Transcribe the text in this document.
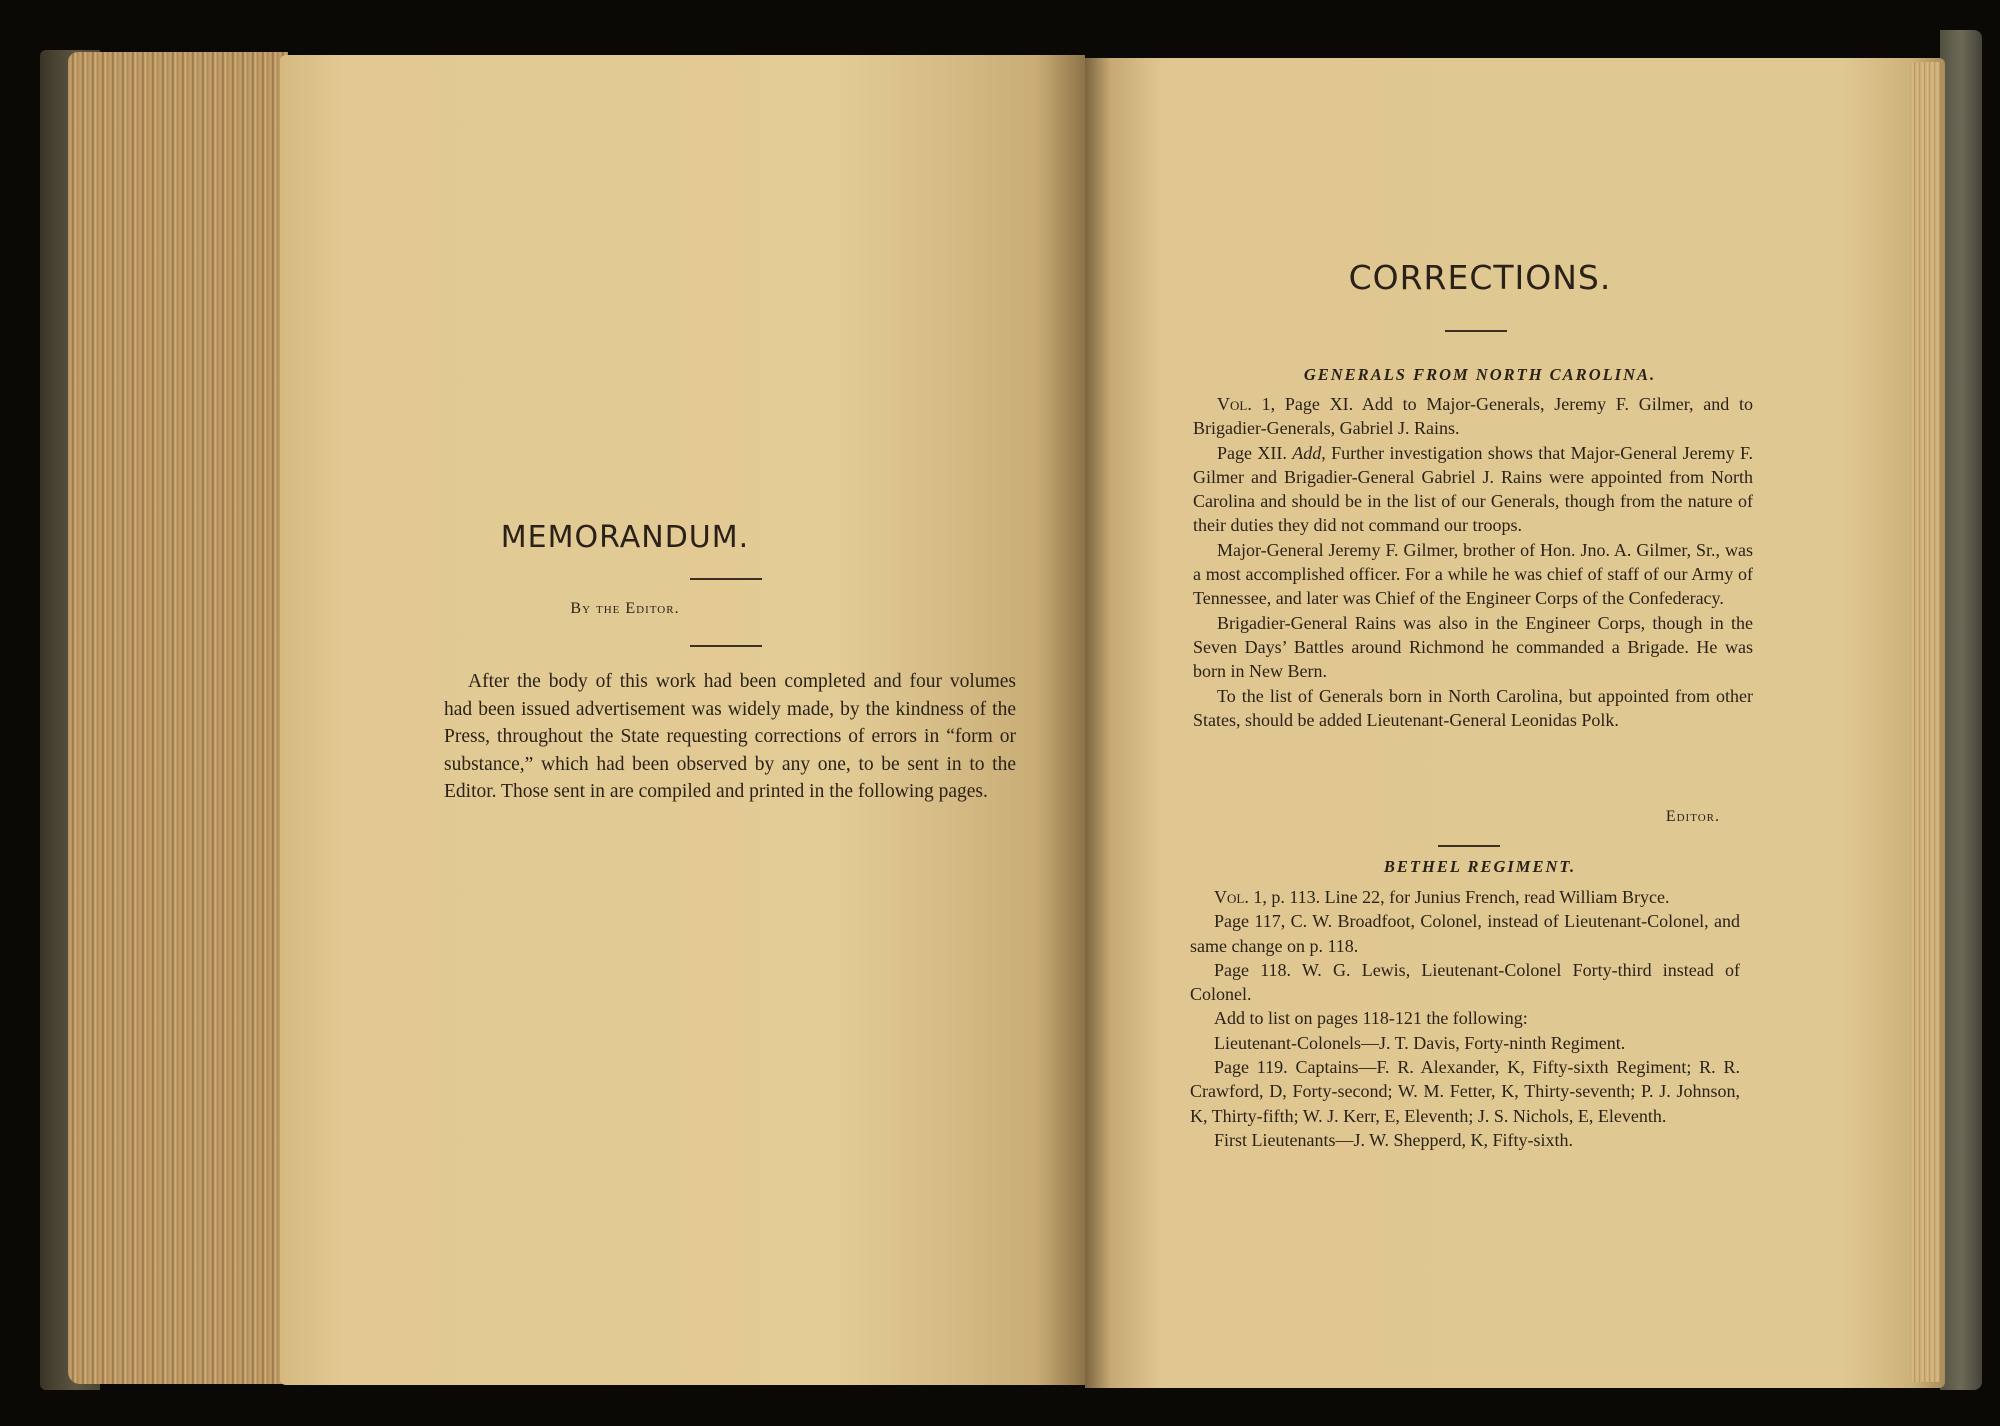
MEMORANDUM.

By the Editor.

After the body of this work had been completed and four volumes had been issued advertisement was widely made, by the kindness of the Press, throughout the State requesting corrections of errors in “form or substance,” which had been observed by any one, to be sent in to the Editor. Those sent in are compiled and printed in the following pages.

CORRECTIONS.

GENERALS FROM NORTH CAROLINA.

Vol. 1, Page XI. Add to Major-Generals, Jeremy F. Gilmer, and to Brigadier-Generals, Gabriel J. Rains.

Page XII. Add, Further investigation shows that Major-General Jeremy F. Gilmer and Brigadier-General Gabriel J. Rains were appointed from North Carolina and should be in the list of our Generals, though from the nature of their duties they did not command our troops.

Major-General Jeremy F. Gilmer, brother of Hon. Jno. A. Gilmer, Sr., was a most accomplished officer. For a while he was chief of staff of our Army of Tennessee, and later was Chief of the Engineer Corps of the Confederacy.

Brigadier-General Rains was also in the Engineer Corps, though in the Seven Days’ Battles around Richmond he commanded a Brigade. He was born in New Bern.

To the list of Generals born in North Carolina, but appointed from other States, should be added Lieutenant-General Leonidas Polk.

Editor.

BETHEL REGIMENT.

Vol. 1, p. 113. Line 22, for Junius French, read William Bryce.

Page 117, C. W. Broadfoot, Colonel, instead of Lieutenant-Colonel, and same change on p. 118.

Page 118. W. G. Lewis, Lieutenant-Colonel Forty-third instead of Colonel.

Add to list on pages 118-121 the following:

Lieutenant-Colonels—J. T. Davis, Forty-ninth Regiment.

Page 119. Captains—F. R. Alexander, K, Fifty-sixth Regiment; R. R. Crawford, D, Forty-second; W. M. Fetter, K, Thirty-seventh; P. J. Johnson, K, Thirty-fifth; W. J. Kerr, E, Eleventh; J. S. Nichols, E, Eleventh.

First Lieutenants—J. W. Shepperd, K, Fifty-sixth.
